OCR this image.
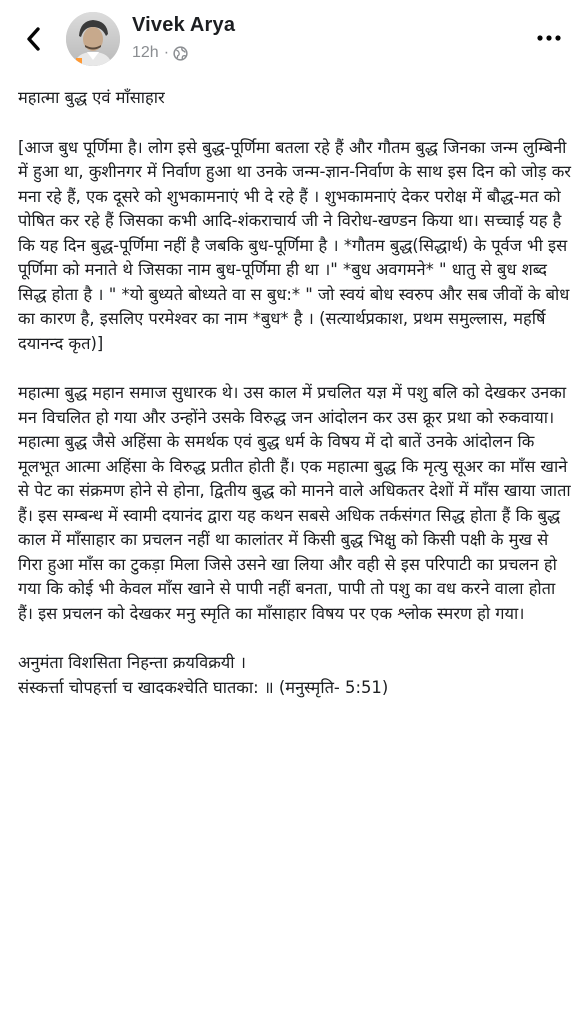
Vivek Arya
12h ·

महात्मा बुद्ध एवं माँसाहार

[आज बुध पूर्णिमा है। लोग इसे बुद्ध-पूर्णिमा बतला रहे हैं और गौतम बुद्ध जिनका जन्म लुम्बिनी में हुआ था, कुशीनगर में निर्वाण हुआ था उनके जन्म-ज्ञान-निर्वाण के साथ इस दिन को जोड़ कर मना रहे हैं, एक दूसरे को शुभकामनाएं भी दे रहे हैं । शुभकामनाएं देकर परोक्ष में बौद्ध-मत को पोषित कर रहे हैं जिसका कभी आदि-शंकराचार्य जी ने विरोध-खण्डन किया था। सच्चाई यह है कि यह दिन बुद्ध-पूर्णिमा नहीं है जबकि बुध-पूर्णिमा है । *गौतम बुद्ध(सिद्धार्थ) के पूर्वज भी इस पूर्णिमा को मनाते थे जिसका नाम बुध-पूर्णिमा ही था ।" *बुध अवगमने* " धातु से बुध शब्द सिद्ध होता है । " *यो बुध्यते बोध्यते वा स बुध:* " जो स्वयं बोध स्वरुप और सब जीवों के बोध का कारण है, इसलिए परमेश्वर का नाम *बुध* है । (सत्यार्थप्रकाश, प्रथम समुल्लास, महर्षि दयानन्द कृत)]

महात्मा बुद्ध महान समाज सुधारक थे। उस काल में प्रचलित यज्ञ में पशु बलि को देखकर उनका मन विचलित हो गया और उन्होंने उसके विरुद्ध जन आंदोलन कर उस क्रूर प्रथा को रुकवाया। महात्मा बुद्ध जैसे अहिंसा के समर्थक एवं बुद्ध धर्म के विषय में दो बातें उनके आंदोलन कि मूलभूत आत्मा अहिंसा के विरुद्ध प्रतीत होती हैं। एक महात्मा बुद्ध कि मृत्यु सूअर का माँस खाने से पेट का संक्रमण होने से होना, द्वितीय बुद्ध को मानने वाले अधिकतर देशों में माँस खाया जाता हैं। इस सम्बन्ध में स्वामी दयानंद द्वारा यह कथन सबसे अधिक तर्कसंगत सिद्ध होता हैं कि बुद्ध काल में माँसाहार का प्रचलन नहीं था कालांतर में किसी बुद्ध भिक्षु को किसी पक्षी के मुख से गिरा हुआ माँस का टुकड़ा मिला जिसे उसने खा लिया और वही से इस परिपाटी का प्रचलन हो गया कि कोई भी केवल माँस खाने से पापी नहीं बनता, पापी तो पशु का वध करने वाला होता हैं। इस प्रचलन को देखकर मनु स्मृति का माँसाहार विषय पर एक श्लोक स्मरण हो गया।

अनुमंता विशसिता निहन्ता क्रयविक्रयी ।

संस्कर्त्ता चोपहर्त्ता च खादकश्चेति घातका: ॥ (मनुस्मृति- 5:51)
